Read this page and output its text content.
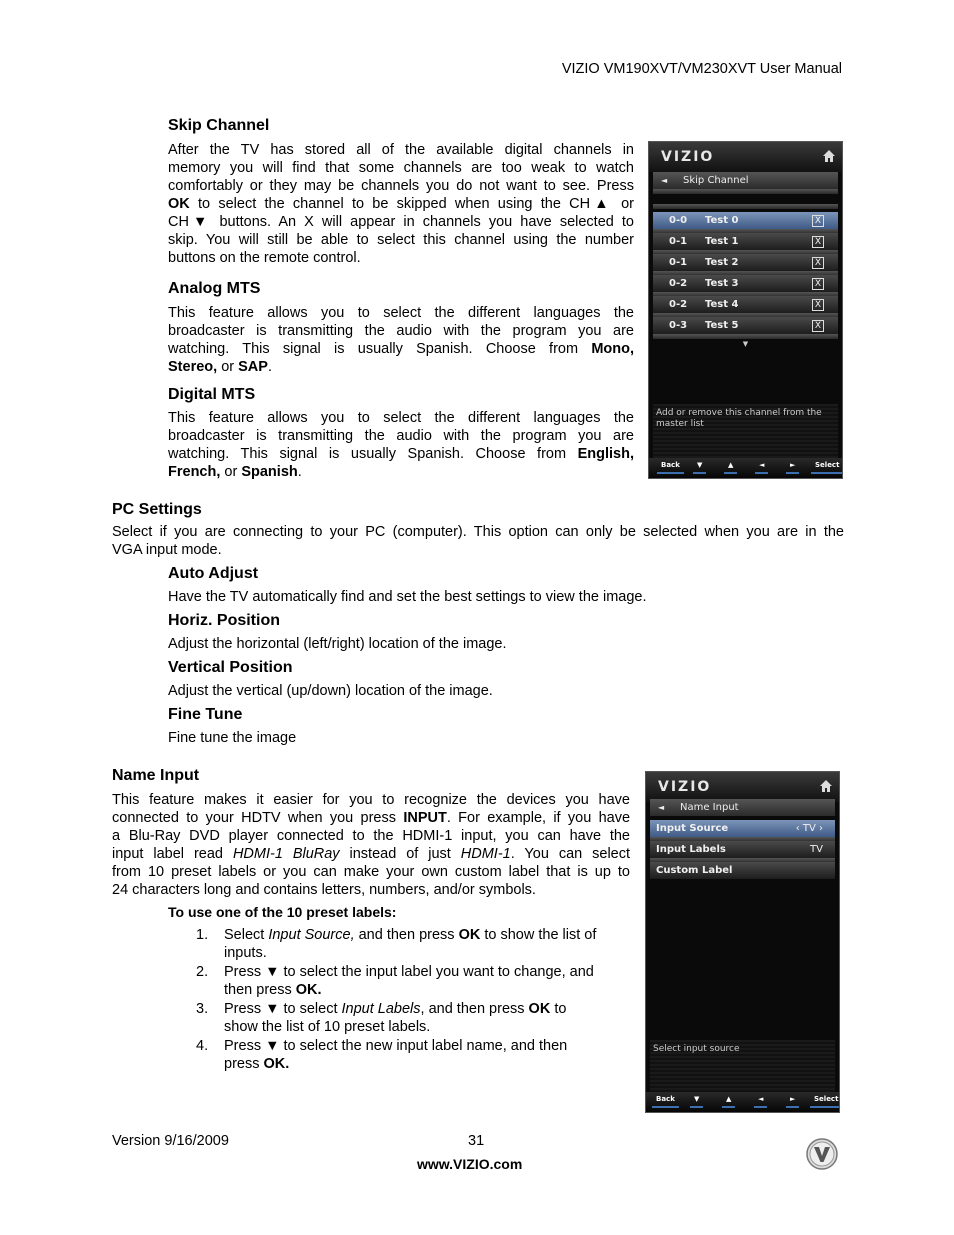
VIZIO VM190XVT/VM230XVT User Manual
Skip Channel
After the TV has stored all of the available digital channels in
memory you will find that some channels are too weak to watch
comfortably or they may be channels you do not want to see. Press
OK to select the channel to be skipped when using the CH▲ or
CH▼ buttons. An X will appear in channels you have selected to
skip. You will still be able to select this channel using the number
buttons on the remote control.
Analog MTS
This feature allows you to select the different languages the
broadcaster is transmitting the audio with the program you are
watching. This signal is usually Spanish. Choose from Mono,
Stereo, or SAP.
Digital MTS
This feature allows you to select the different languages the
broadcaster is transmitting the audio with the program you are
watching. This signal is usually Spanish. Choose from English,
French, or Spanish.
VIZIO
◄ Skip Channel
0-0 Test 0	X
0-1 Test 1	X
0-1 Test 2	X
0-2 Test 3	X
0-2 Test 4	X
0-3 Test 5	X
▼
Add or remove this channel from the master list
Back ▼	▲	◄	►	Select
PC Settings
Select if you are connecting to your PC (computer). This option can only be selected when you are in the
VGA input mode.
Auto Adjust
Have the TV automatically find and set the best settings to view the image.
Horiz. Position
Adjust the horizontal (left/right) location of the image.
Vertical Position
Adjust the vertical (up/down) location of the image.
Fine Tune
Fine tune the image
Name Input
This feature makes it easier for you to recognize the devices you have
connected to your HDTV when you press INPUT. For example, if you have
a Blu-Ray DVD player connected to the HDMI-1 input, you can have the
input label read HDMI-1 BluRay instead of just HDMI-1. You can select
from 10 preset labels or you can make your own custom label that is up to
24 characters long and contains letters, numbers, and/or symbols.
To use one of the 10 preset labels:
1. Select Input Source, and then press OK to show the list of
inputs.
2. Press ▼ to select the input label you want to change, and
then press OK.
3. Press ▼ to select Input Labels, and then press OK to
show the list of 10 preset labels.
4. Press ▼ to select the new input label name, and then
press OK.
VIZIO
◄ Name Input
Input Source	‹ TV ›
Input Labels	TV
Custom Label
Select input source
Back	▼	▲	◄	►	Select
Version 9/16/2009	31
www.VIZIO.com
